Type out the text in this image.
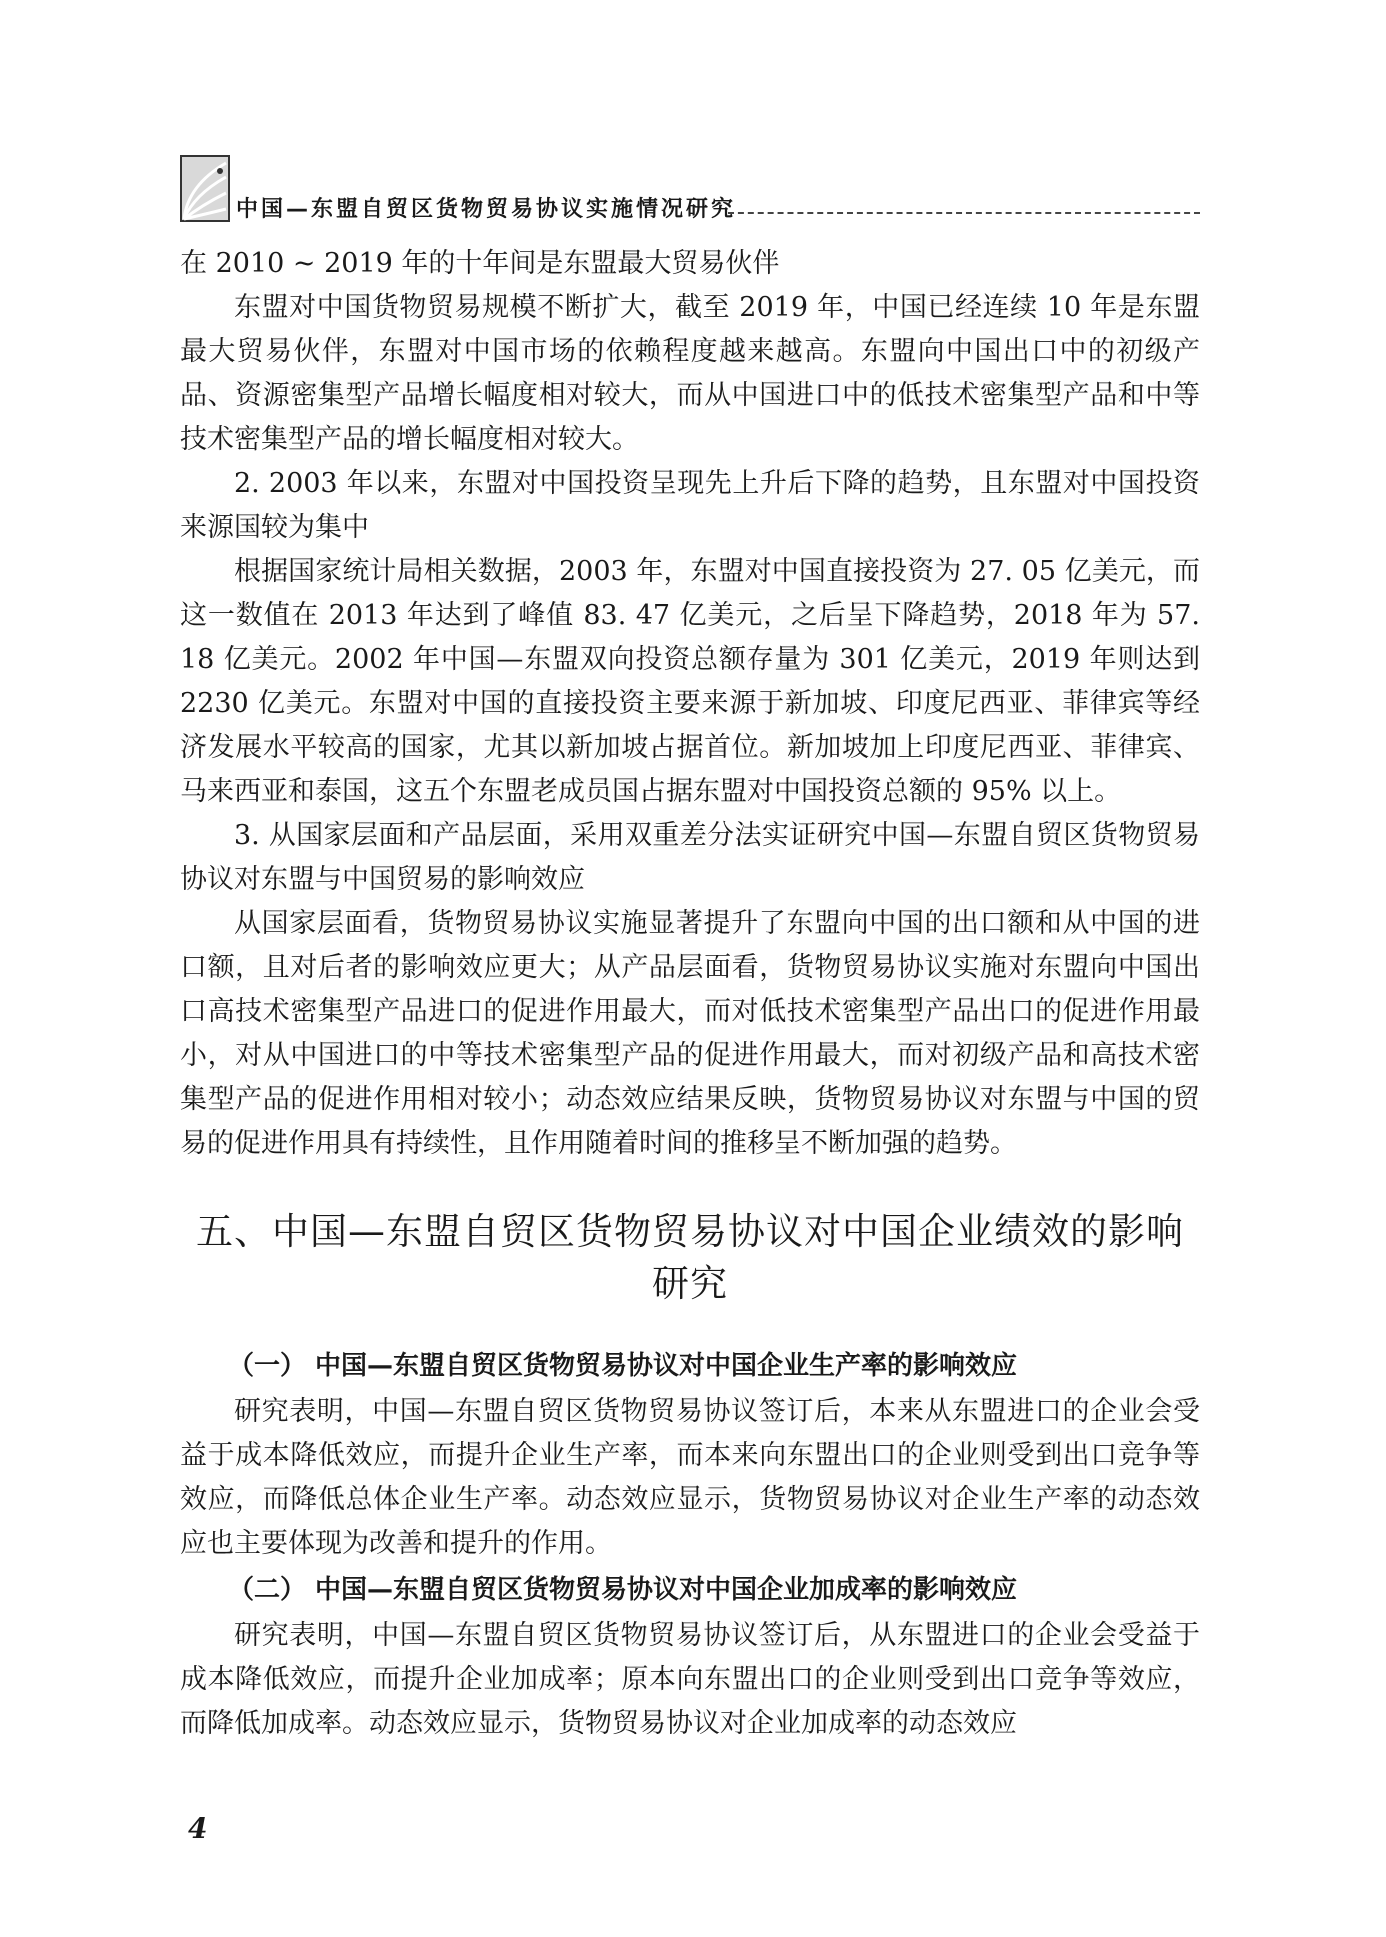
中国—东盟自贸区货物贸易协议实施情况研究

在 2010 ~ 2019 年的十年间是东盟最大贸易伙伴

东盟对中国货物贸易规模不断扩大，截至 2019 年，中国已经连续 10 年是东盟最大贸易伙伴，东盟对中国市场的依赖程度越来越高。东盟向中国出口中的初级产品、资源密集型产品增长幅度相对较大，而从中国进口中的低技术密集型产品和中等技术密集型产品的增长幅度相对较大。

2. 2003 年以来，东盟对中国投资呈现先上升后下降的趋势，且东盟对中国投资来源国较为集中

根据国家统计局相关数据，2003 年，东盟对中国直接投资为 27. 05 亿美元，而这一数值在 2013 年达到了峰值 83. 47 亿美元，之后呈下降趋势，2018 年为 57. 18 亿美元。2002 年中国—东盟双向投资总额存量为 301 亿美元，2019 年则达到 2230 亿美元。东盟对中国的直接投资主要来源于新加坡、印度尼西亚、菲律宾等经济发展水平较高的国家，尤其以新加坡占据首位。新加坡加上印度尼西亚、菲律宾、马来西亚和泰国，这五个东盟老成员国占据东盟对中国投资总额的 95% 以上。

3. 从国家层面和产品层面，采用双重差分法实证研究中国—东盟自贸区货物贸易协议对东盟与中国贸易的影响效应

从国家层面看，货物贸易协议实施显著提升了东盟向中国的出口额和从中国的进口额，且对后者的影响效应更大；从产品层面看，货物贸易协议实施对东盟向中国出口高技术密集型产品进口的促进作用最大，而对低技术密集型产品出口的促进作用最小，对从中国进口的中等技术密集型产品的促进作用最大，而对初级产品和高技术密集型产品的促进作用相对较小；动态效应结果反映，货物贸易协议对东盟与中国的贸易的促进作用具有持续性，且作用随着时间的推移呈不断加强的趋势。

五、中国—东盟自贸区货物贸易协议对中国企业绩效的影响研究
（一） 中国—东盟自贸区货物贸易协议对中国企业生产率的影响效应

研究表明，中国—东盟自贸区货物贸易协议签订后，本来从东盟进口的企业会受益于成本降低效应，而提升企业生产率，而本来向东盟出口的企业则受到出口竞争等效应，而降低总体企业生产率。动态效应显示，货物贸易协议对企业生产率的动态效应也主要体现为改善和提升的作用。

（二） 中国—东盟自贸区货物贸易协议对中国企业加成率的影响效应

研究表明，中国—东盟自贸区货物贸易协议签订后，从东盟进口的企业会受益于成本降低效应，而提升企业加成率；原本向东盟出口的企业则受到出口竞争等效应，而降低加成率。动态效应显示，货物贸易协议对企业加成率的动态效应

4
